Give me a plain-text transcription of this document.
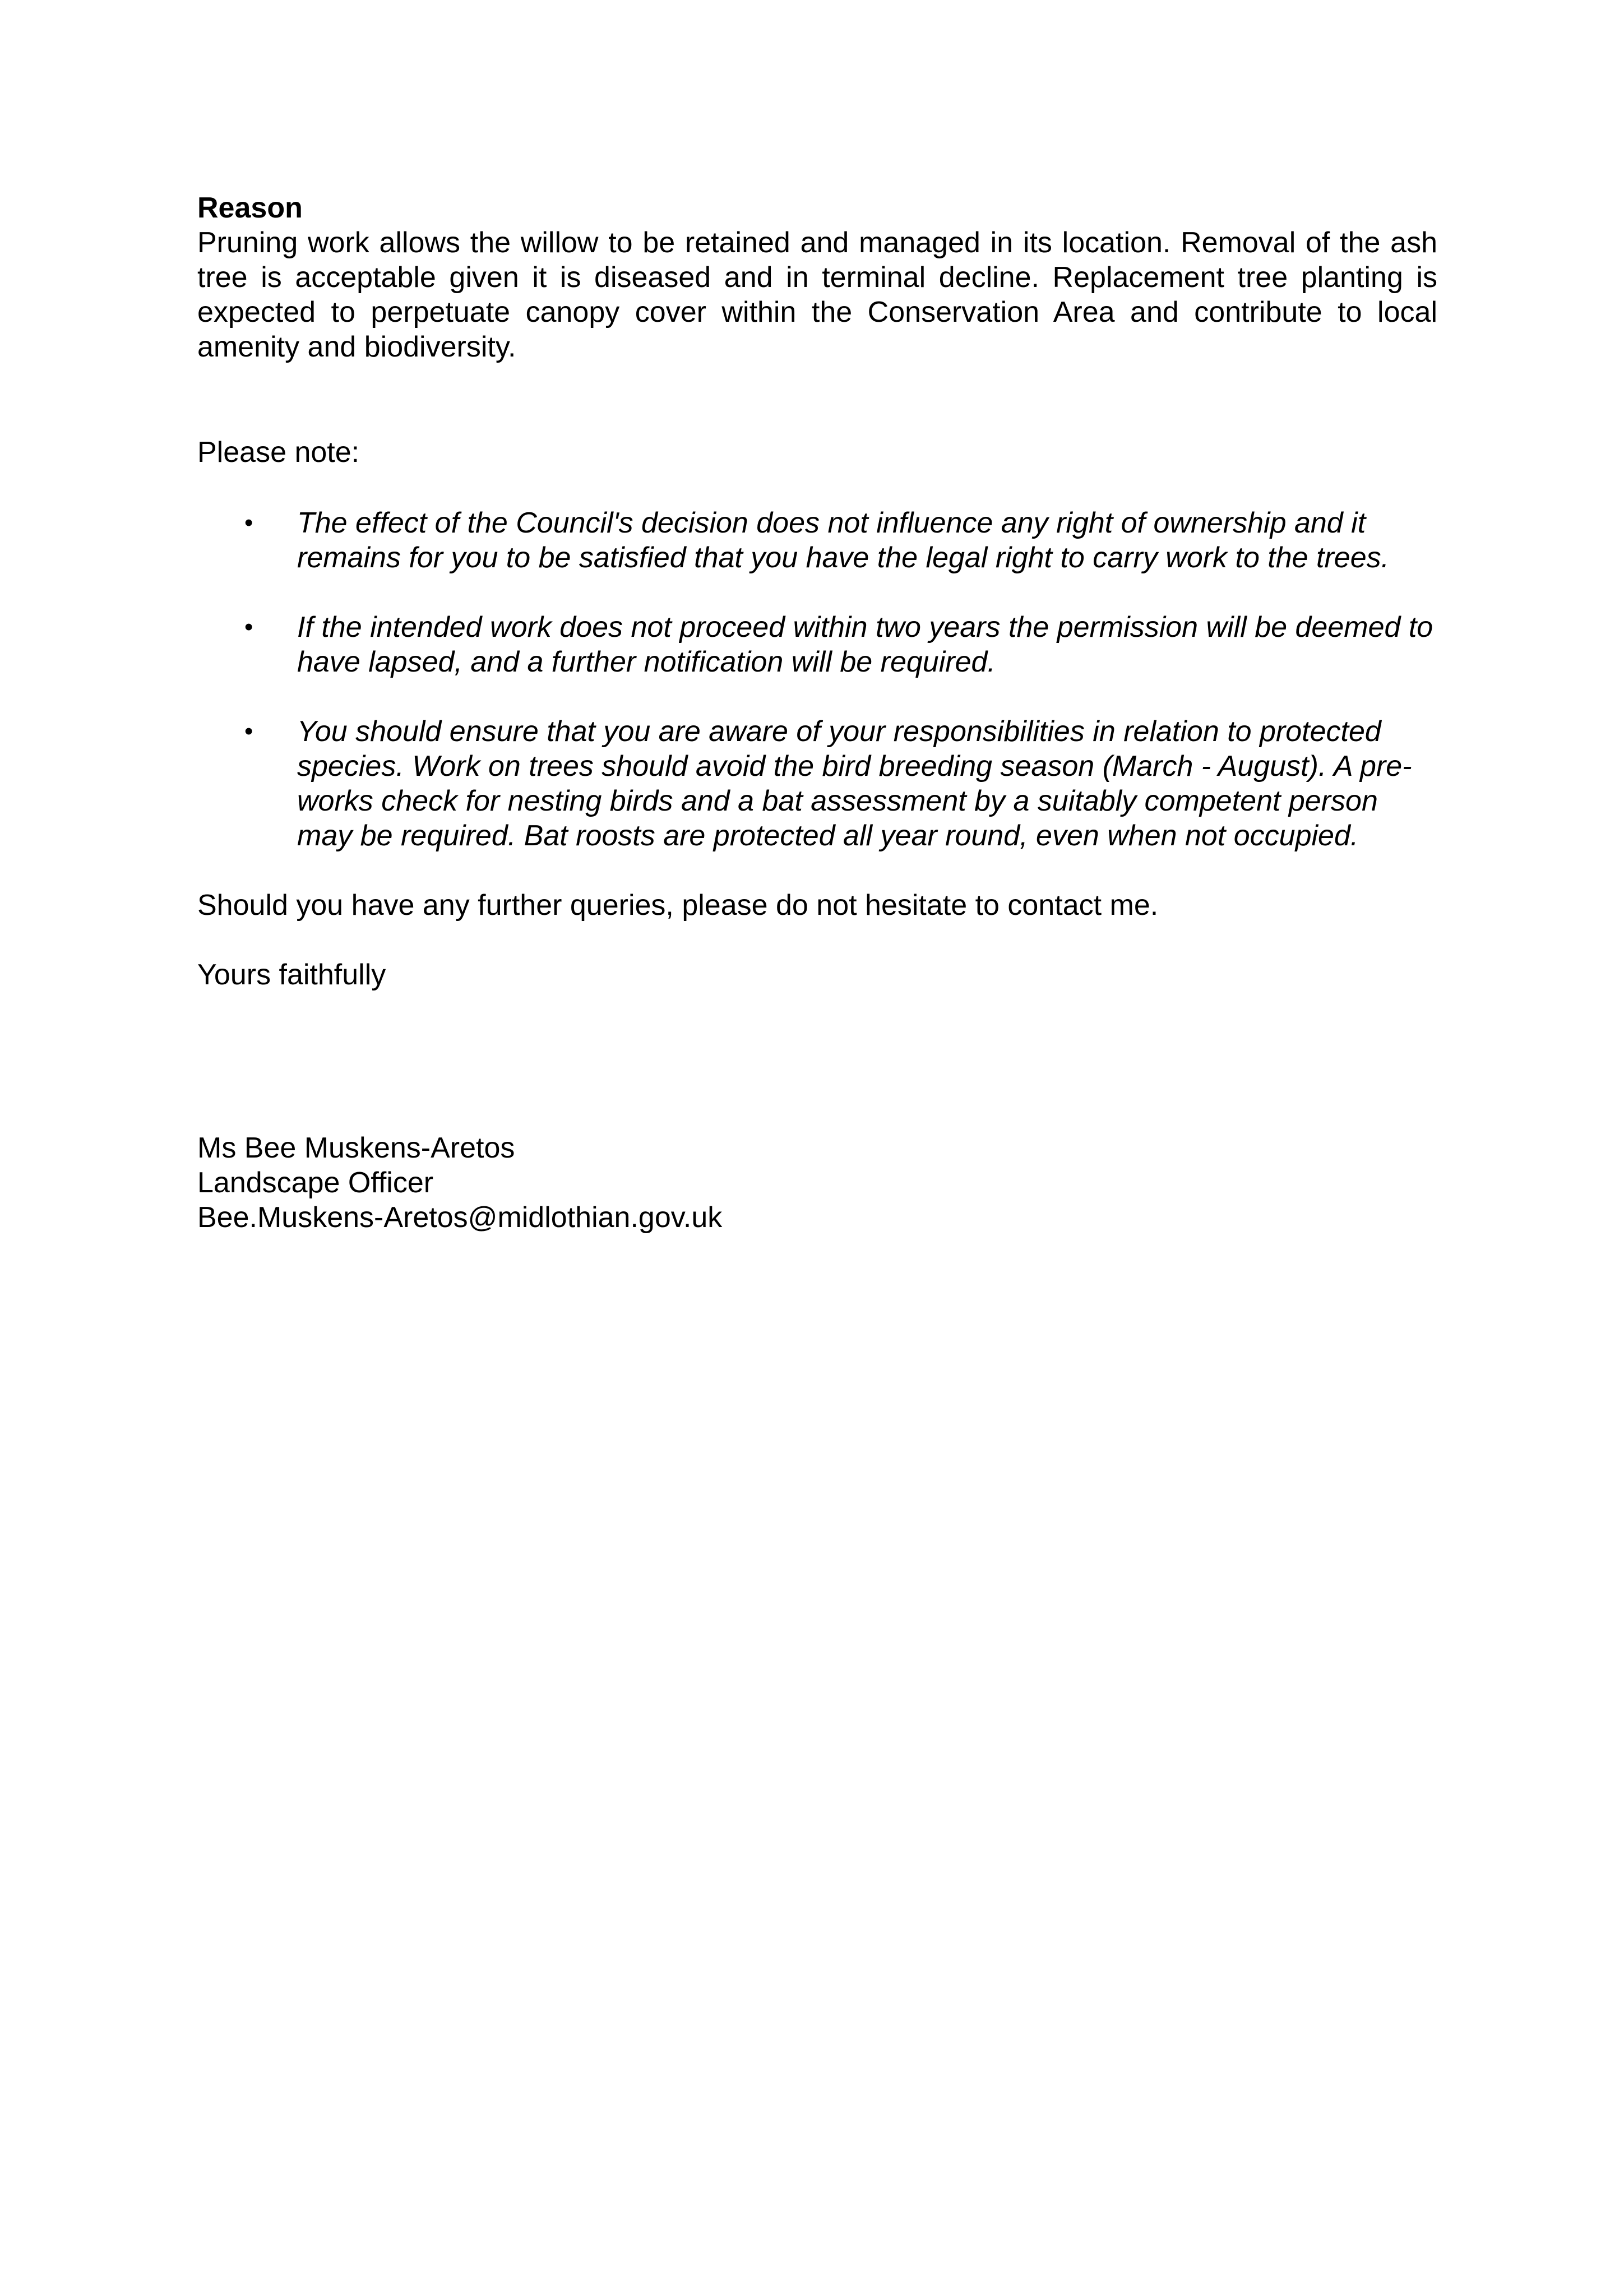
Reason

Pruning work allows the willow to be retained and managed in its location. Removal of the ash tree is acceptable given it is diseased and in terminal decline. Replacement tree planting is expected to perpetuate canopy cover within the Conservation Area and contribute to local amenity and biodiversity.

Please note:

• The effect of the Council's decision does not influence any right of ownership and it remains for you to be satisfied that you have the legal right to carry work to the trees.
• If the intended work does not proceed within two years the permission will be deemed to have lapsed, and a further notification will be required.
• You should ensure that you are aware of your responsibilities in relation to protected species. Work on trees should avoid the bird breeding season (March - August). A pre-works check for nesting birds and a bat assessment by a suitably competent person may be required. Bat roosts are protected all year round, even when not occupied.

Should you have any further queries, please do not hesitate to contact me.

Yours faithfully

Ms Bee Muskens-Aretos
Landscape Officer
Bee.Muskens-Aretos@midlothian.gov.uk
